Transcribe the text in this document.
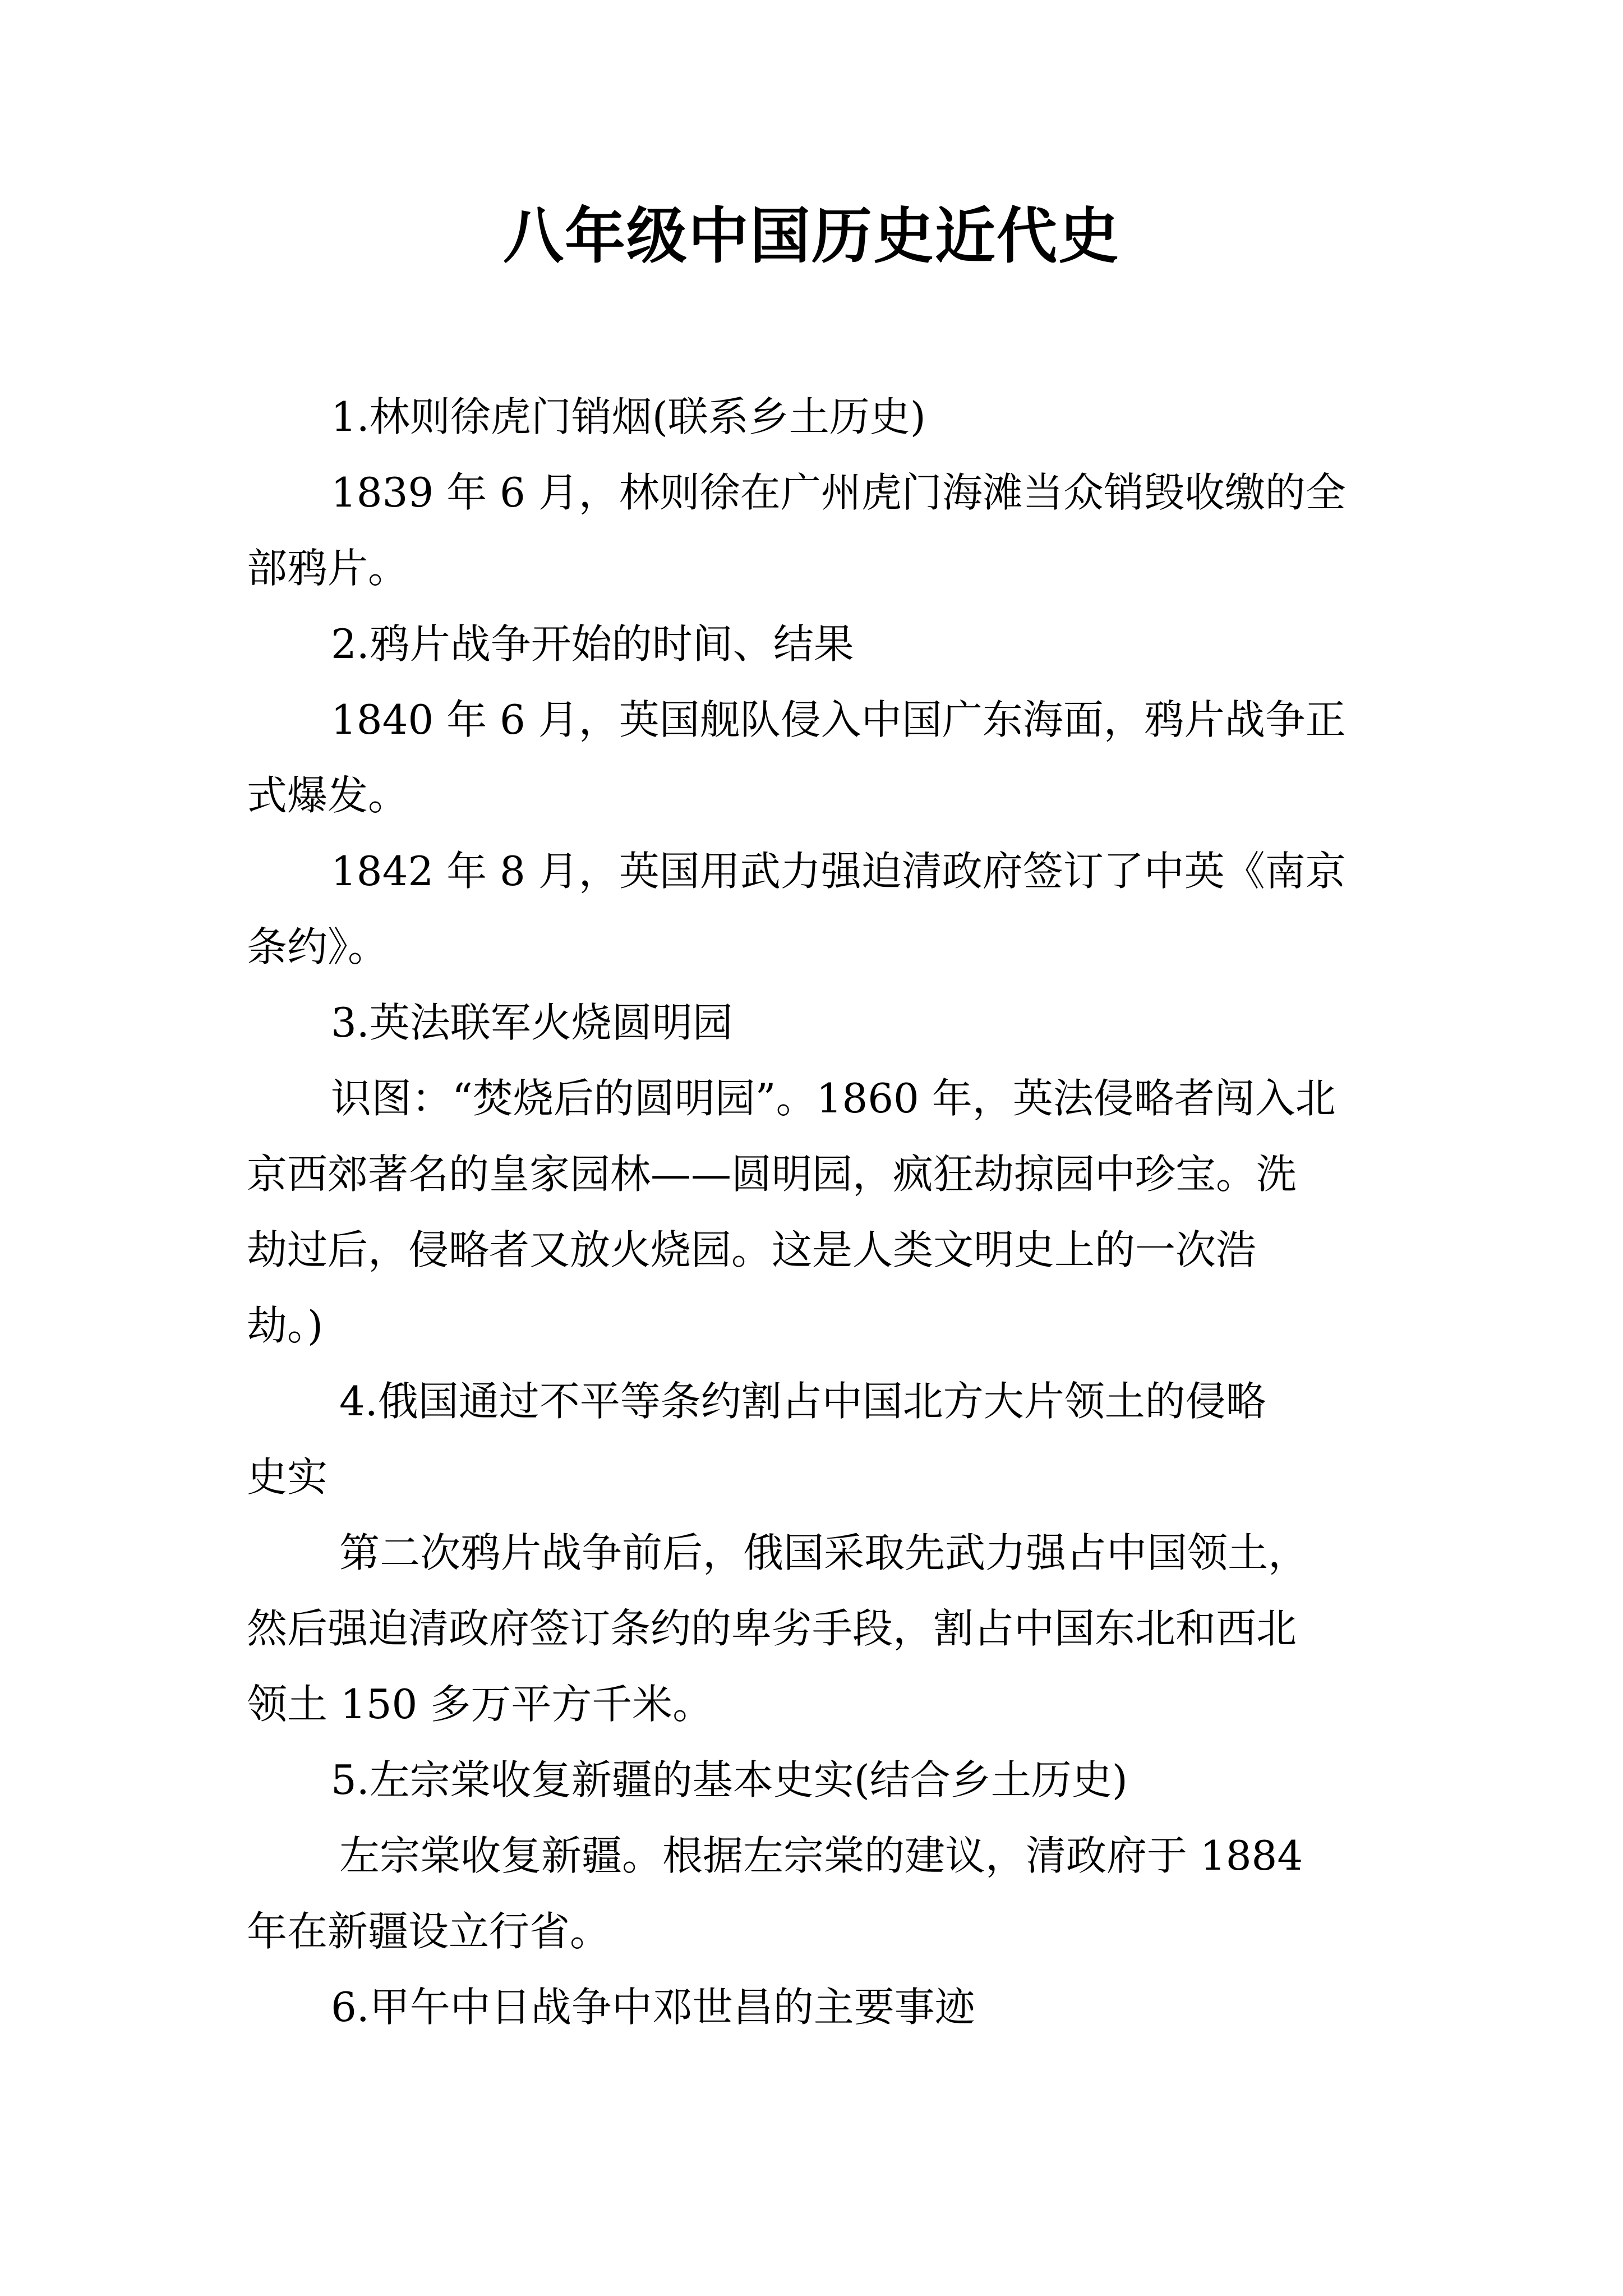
八年级中国历史近代史
1.林则徐虎门销烟(联系乡土历史)
1839 年 6 月，林则徐在广州虎门海滩当众销毁收缴的全
部鸦片。
2.鸦片战争开始的时间、结果
1840 年 6 月，英国舰队侵入中国广东海面，鸦片战争正
式爆发。
1842 年 8 月，英国用武力强迫清政府签订了中英《南京
条约》。
3.英法联军火烧圆明园
识图：“焚烧后的圆明园”。1860 年，英法侵略者闯入北
京西郊著名的皇家园林——圆明园，疯狂劫掠园中珍宝。洗
劫过后，侵略者又放火烧园。这是人类文明史上的一次浩
劫。)
4.俄国通过不平等条约割占中国北方大片领土的侵略
史实
第二次鸦片战争前后，俄国采取先武力强占中国领土，
然后强迫清政府签订条约的卑劣手段，割占中国东北和西北
领土 150 多万平方千米。
5.左宗棠收复新疆的基本史实(结合乡土历史)
左宗棠收复新疆。根据左宗棠的建议，清政府于 1884
年在新疆设立行省。
6.甲午中日战争中邓世昌的主要事迹
